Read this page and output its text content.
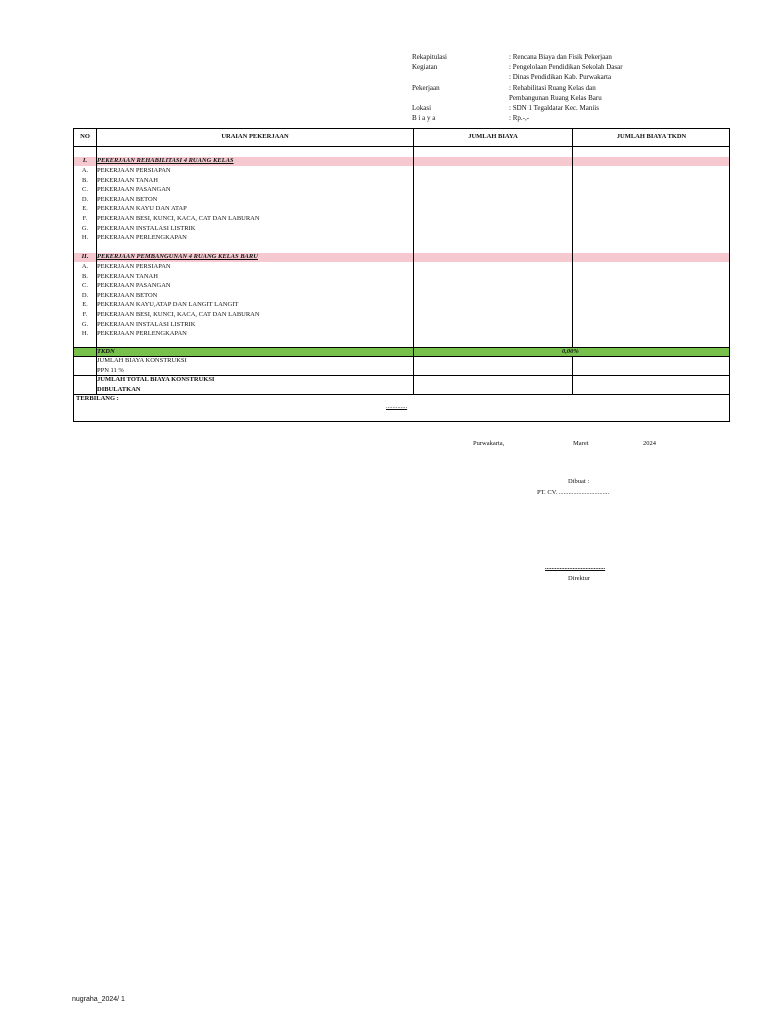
Rekapitulasi	: Rencana Biaya dan Fisik Pekerjaan
Kegiatan	: Pengelolaan Pendidikan Sekolah Dasar
: Dinas Pendidikan Kab. Purwakarta
Pekerjaan	: Rehabilitasi Ruang Kelas dan
Pembangunan Ruang Kelas Baru
Lokasi	: SDN 1 Tegaldatar Kec. Maniis
B i a y a	: Rp.-,-
NO	URAIAN PEKERJAAN	JUMLAH BIAYA	JUMLAH BIAYA TKDN
I.	PEKERJAAN REHABILITASI 4 RUANG KELAS
A.	PEKERJAAN PERSIAPAN
B.	PEKERJAAN TANAH
C.	PEKERJAAN PASANGAN
D.	PEKERJAAN BETON
E.	PEKERJAAN KAYU DAN ATAP
F.	PEKERJAAN BESI, KUNCI, KACA, CAT DAN LABURAN
G.	PEKERJAAN INSTALASI LISTRIK
H.	PEKERJAAN PERLENGKAPAN
II.	PEKERJAAN PEMBANGUNAN 4 RUANG KELAS BARU
A.	PEKERJAAN PERSIAPAN
B.	PEKERJAAN TANAH
C.	PEKERJAAN PASANGAN
D.	PEKERJAAN BETON
E.	PEKERJAAN KAYU,ATAP DAN LANGIT LANGIT
F.	PEKERJAAN BESI, KUNCI, KACA, CAT DAN LABURAN
G.	PEKERJAAN INSTALASI LISTRIK
H.	PEKERJAAN PERLENGKAPAN
TKDN	0,00%
JUMLAH BIAYA KONSTRUKSI
PPN 11 %
JUMLAH TOTAL BIAYA KONSTRUKSI
DIBULATKAN
TERBILANG :
.............
Purwakarta,	Maret	2024
Dibuat :
PT. CV. ...............................
.....................................
Direktur
nugraha_2024/ 1
